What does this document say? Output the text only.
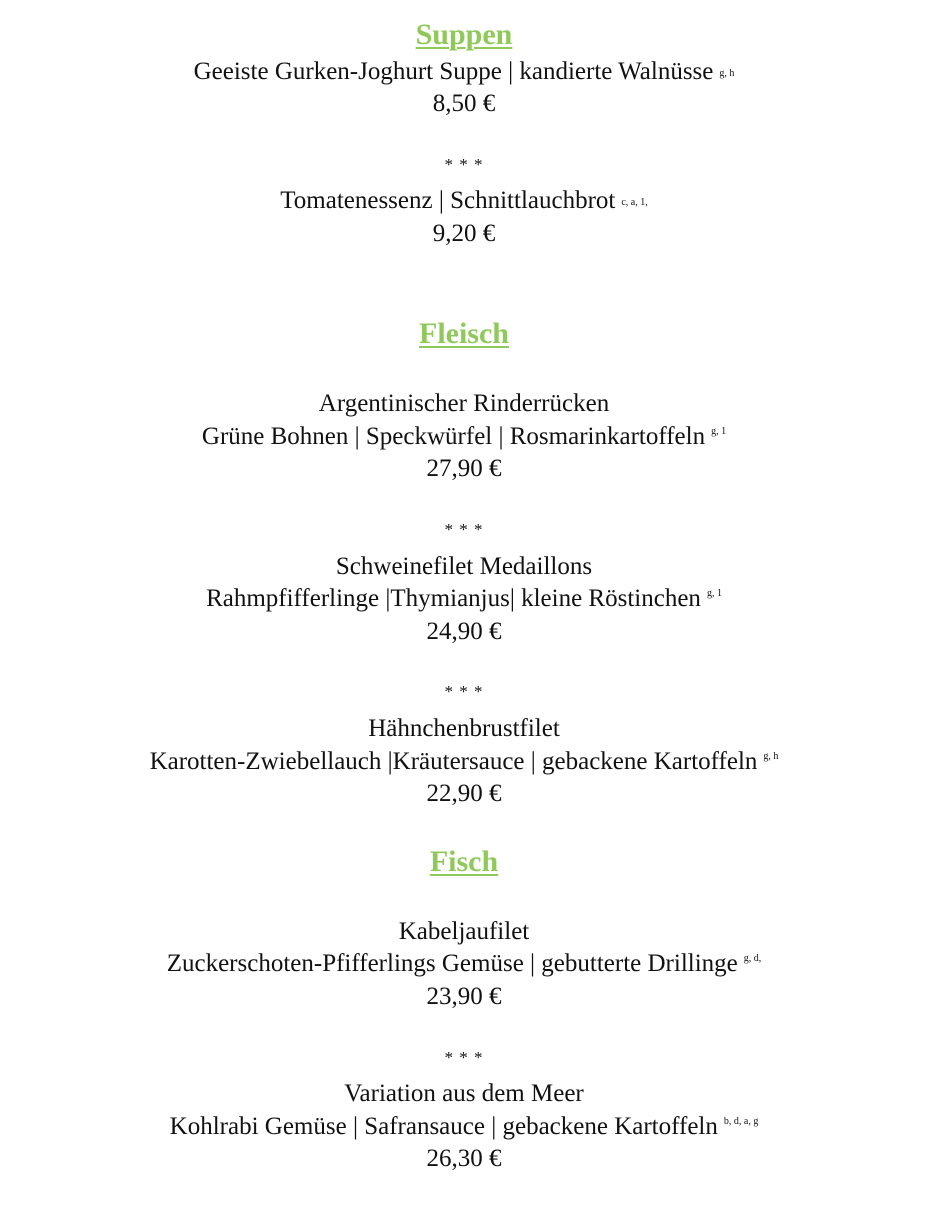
Suppen
Geeiste Gurken-Joghurt Suppe | kandierte Walnüsse $_{g, h}$
8,50 €
* * *
Tomatenessenz | Schnittlauchbrot $_{c, a, 1,}$
9,20 €
Fleisch
Argentinischer Rinderrücken
Grüne Bohnen | Speckwürfel | Rosmarinkartoffeln $^{g, 1}$
27,90 €
* * *
Schweinefilet Medaillons
Rahmpfifferlinge |Thymianjus| kleine Röstinchen $^{g, 1}$
24,90 €
* * *
Hähnchenbrustfilet
Karotten-Zwiebellauch |Kräutersauce | gebackene Kartoffeln $^{g, h}$
22,90 €
Fisch
Kabeljaufilet
Zuckerschoten-Pfifferlings Gemüse | gebutterte Drillinge $^{g, d,}$
23,90 €
* * *
Variation aus dem Meer
Kohlrabi Gemüse | Safransauce | gebackene Kartoffeln $^{b, d, a, g}$
26,30 €
